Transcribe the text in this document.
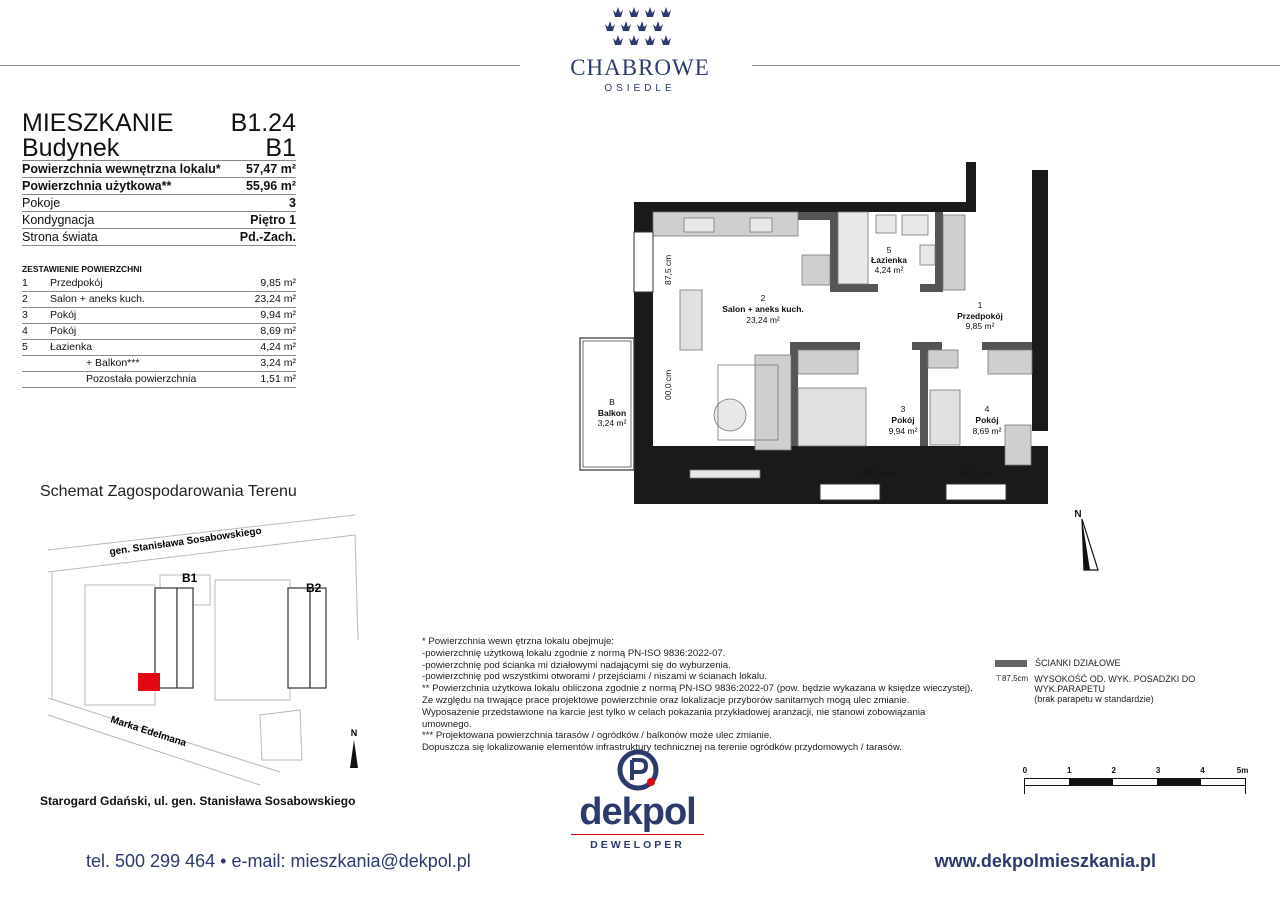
CHABROWE
OSIEDLE
MIESZKANIE B1.24
Budynek	B1
Powierzchnia wewnętrzna lokalu* 57,47 m²
Powierzchnia użytkowa**	55,96 m²
Pokoje	3
Kondygnacja	Piętro 1
Strona świata	Pd.-Zach.
ZESTAWIENIE POWIERZCHNI
1	Przedpokój	9,85 m²
2	Salon + aneks kuch.	23,24 m²
3	Pokój	9,94 m²
4	Pokój	8,69 m²
5	Łazienka	4,24 m²
+ Balkon***	3,24 m²
Pozostała powierzchnia	1,51 m²
2
Salon + aneks kuch.
23,24 m²
5
Łazienka
4,24 m²
1
Przedpokój
9,85 m²
3
Pokój
9,94 m²
4
Pokój
8,69 m²
B
Balkon
3,24 m²
87,5 cm
00,0 cm
87,5 cm	87,5 cm
N
Schemat Zagospodarowania Terenu
gen. Stanisława Sosabowskiego
Marka Edelmana
B1
B2
N
Starogard Gdański, ul. gen. Stanisława Sosabowskiego
* Powierzchnia wewn ętrzna lokalu obejmuje:
-powierzchnię użytkową lokalu zgodnie z normą PN-ISO 9836:2022-07.
-powierzchnię pod ścianka mi działowymi nadającymi się do wyburzenia.
-powierzchnię pod wszystkimi otworami / przejściami / niszami w ścianach lokalu.
** Powierzchnia użytkowa lokalu obliczona zgodnie z normą PN-ISO 9836:2022-07 (pow. będzie wykazana w księdze wieczystej).
Ze względu na trwające prace projektowe powierzchnie oraz lokalizacje przyborów sanitarnych mogą ulec zmianie.
Wyposażenie przedstawione na karcie jest tylko w celach pokazania przykładowej aranżacji, nie stanowi zobowiązania
umownego.
*** Projektowana powierzchnia tarasów / ogródków / balkonów może ulec zmianie.
Dopuszcza się lokalizowanie elementów infrastruktury technicznej na terenie ogródków przydomowych / tarasów.
ŚCIANKI DZIAŁOWE
⊤87,5cm WYSOKOŚĆ OD. WYK. POSADZKI DO WYK.PARAPETU
(brak parapetu w standardzie)
0	1	2	3	4	5m
dekpol
DEWELOPER
tel. 500 299 464 • e-mail: mieszkania@dekpol.pl	www.dekpolmieszkania.pl
